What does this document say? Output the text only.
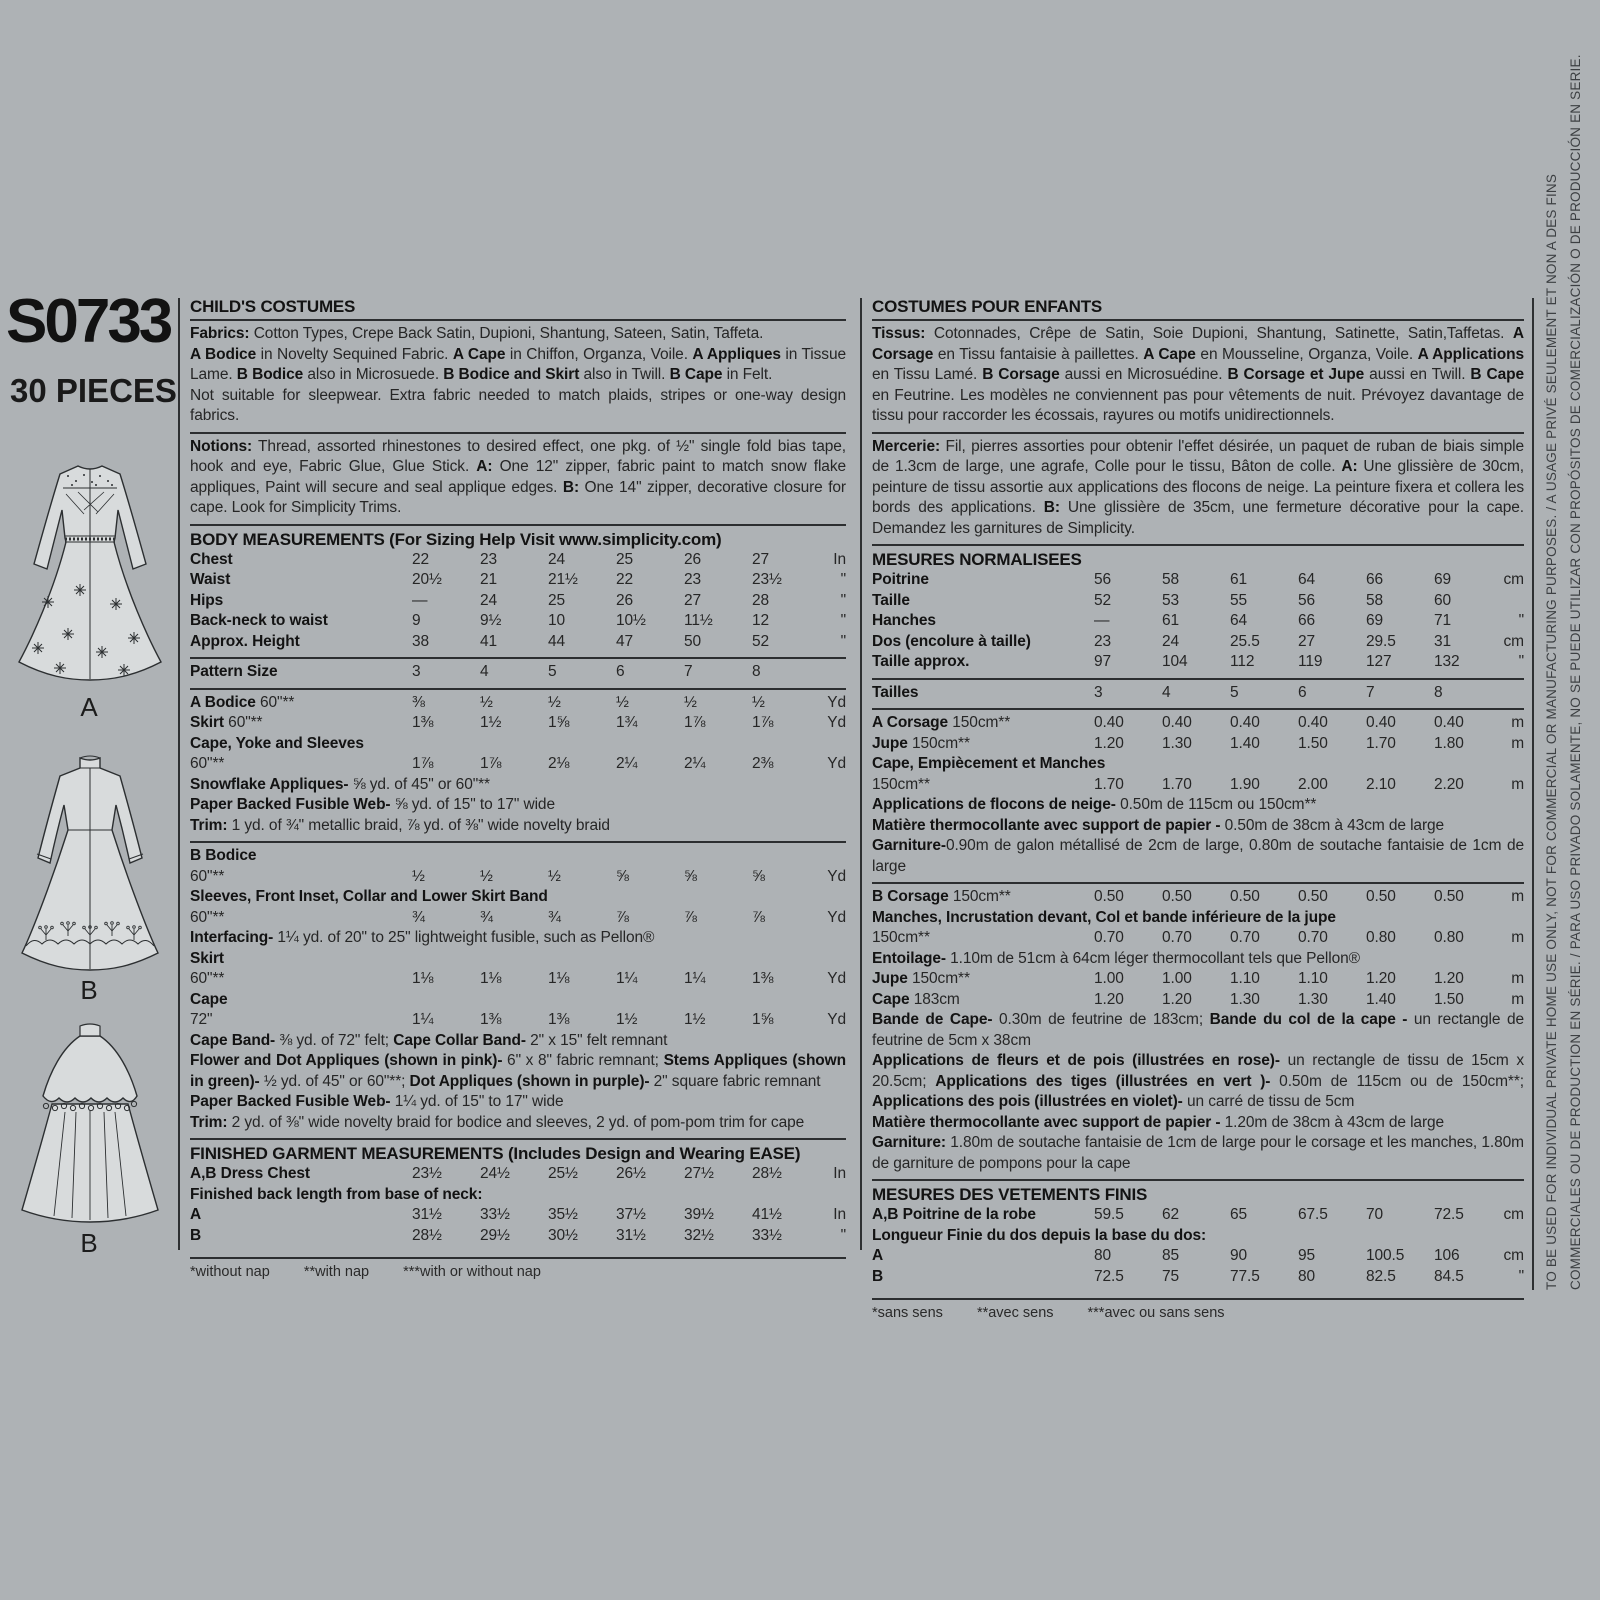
S0733
30 PIECES
A
B
B
CHILD'S COSTUMES
Fabrics: Cotton Types, Crepe Back Satin, Dupioni, Shantung, Sateen, Satin, Taffeta.
A Bodice in Novelty Sequined Fabric. A Cape in Chiffon, Organza, Voile. A Appliques in Tissue Lame. B Bodice also in Microsuede. B Bodice and Skirt also in Twill. B Cape in Felt.
Not suitable for sleepwear. Extra fabric needed to match plaids, stripes or one-way design fabrics.
Notions: Thread, assorted rhinestones to desired effect, one pkg. of ½" single fold bias tape, hook and eye, Fabric Glue, Glue Stick. A: One 12" zipper, fabric paint to match snow flake appliques, Paint will secure and seal applique edges. B: One 14" zipper, decorative closure for cape. Look for Simplicity Trims.
BODY MEASUREMENTS (For Sizing Help Visit www.simplicity.com)
Chest	22	23	24	25	26	27	In
Waist	20½	21	21½	22	23	23½	"
Hips	—	24	25	26	27	28	"
Back-neck to waist	9	9½	10	10½	11½	12	"
Approx. Height	38	41	44	47	50	52	"
Pattern Size	3	4	5	6	7	8
A Bodice 60"**	⅜	½	½	½	½	½	Yd
Skirt 60"**	1⅜	1½	1⅝	1¾	1⅞	1⅞	Yd
Cape, Yoke and Sleeves
60"**	1⅞	1⅞	2⅛	2¼	2¼	2⅜	Yd
Snowflake Appliques- ⅝ yd. of 45" or 60"**
Paper Backed Fusible Web- ⅝ yd. of 15" to 17" wide
Trim: 1 yd. of ¾" metallic braid, ⅞ yd. of ⅜" wide novelty braid
B Bodice
60"**	½	½	½	⅝	⅝	⅝	Yd
Sleeves, Front Inset, Collar and Lower Skirt Band
60"**	¾	¾	¾	⅞	⅞	⅞	Yd
Interfacing- 1¼ yd. of 20" to 25" lightweight fusible, such as Pellon®
Skirt
60"**	1⅛	1⅛	1⅛	1¼	1¼	1⅜	Yd
Cape
72"	1¼	1⅜	1⅜	1½	1½	1⅝	Yd
Cape Band- ⅜ yd. of 72" felt; Cape Collar Band- 2" x 15" felt remnant
Flower and Dot Appliques (shown in pink)- 6" x 8" fabric remnant; Stems Appliques (shown in green)- ½ yd. of 45" or 60"**; Dot Appliques (shown in purple)- 2" square fabric remnant
Paper Backed Fusible Web- 1¼ yd. of 15" to 17" wide
Trim: 2 yd. of ⅜" wide novelty braid for bodice and sleeves, 2 yd. of pom-pom trim for cape
FINISHED GARMENT MEASUREMENTS (Includes Design and Wearing EASE)
A,B Dress Chest	23½	24½	25½	26½	27½	28½	In
Finished back length from base of neck:
A	31½	33½	35½	37½	39½	41½	In
B	28½	29½	30½	31½	32½	33½	"
*without nap **with nap ***with or without nap
COSTUMES POUR ENFANTS
Tissus: Cotonnades, Crêpe de Satin, Soie Dupioni, Shantung, Satinette, Satin,Taffetas. A Corsage en Tissu fantaisie à paillettes. A Cape en Mousseline, Organza, Voile. A Applications en Tissu Lamé. B Corsage aussi en Microsuédine. B Corsage et Jupe aussi en Twill. B Cape en Feutrine. Les modèles ne conviennent pas pour vêtements de nuit. Prévoyez davantage de tissu pour raccorder les écossais, rayures ou motifs unidirectionnels.
Mercerie: Fil, pierres assorties pour obtenir l'effet désirée, un paquet de ruban de biais simple de 1.3cm de large, une agrafe, Colle pour le tissu, Bâton de colle. A: Une glissière de 30cm, peinture de tissu assortie aux applications des flocons de neige. La peinture fixera et collera les bords des applications. B: Une glissière de 35cm, une fermeture décorative pour la cape. Demandez les garnitures de Simplicity.
MESURES NORMALISEES
Poitrine	56	58	61	64	66	69	cm
Taille	52	53	55	56	58	60
Hanches	—	61	64	66	69	71	"
Dos (encolure à taille)	23	24	25.5	27	29.5	31	cm
Taille approx.	97	104	112	119	127	132	"
Tailles	3	4	5	6	7	8
A Corsage 150cm**	0.40	0.40	0.40	0.40	0.40	0.40	m
Jupe 150cm**	1.20	1.30	1.40	1.50	1.70	1.80	m
Cape, Empiècement et Manches
150cm**	1.70	1.70	1.90	2.00	2.10	2.20	m
Applications de flocons de neige- 0.50m de 115cm ou 150cm**
Matière thermocollante avec support de papier - 0.50m de 38cm à 43cm de large
Garniture-0.90m de galon métallisé de 2cm de large, 0.80m de soutache fantaisie de 1cm de large
B Corsage 150cm**	0.50	0.50	0.50	0.50	0.50	0.50	m
Manches, Incrustation devant, Col et bande inférieure de la jupe
150cm**	0.70	0.70	0.70	0.70	0.80	0.80	m
Entoilage- 1.10m de 51cm à 64cm léger thermocollant tels que Pellon®
Jupe 150cm**	1.00	1.00	1.10	1.10	1.20	1.20	m
Cape 183cm	1.20	1.20	1.30	1.30	1.40	1.50	m
Bande de Cape- 0.30m de feutrine de 183cm; Bande du col de la cape - un rectangle de feutrine de 5cm x 38cm
Applications de fleurs et de pois (illustrées en rose)- un rectangle de tissu de 15cm x 20.5cm; Applications des tiges (illustrées en vert )- 0.50m de 115cm ou de 150cm**; Applications des pois (illustrées en violet)- un carré de tissu de 5cm
Matière thermocollante avec support de papier - 1.20m de 38cm à 43cm de large
Garniture: 1.80m de soutache fantaisie de 1cm de large pour le corsage et les manches, 1.80m de garniture de pompons pour la cape
MESURES DES VETEMENTS FINIS
A,B Poitrine de la robe	59.5	62	65	67.5	70	72.5	cm
Longueur Finie du dos depuis la base du dos:
A	80	85	90	95	100.5	106	cm
B	72.5	75	77.5	80	82.5	84.5	"
*sans sens **avec sens ***avec ou sans sens
TO BE USED FOR INDIVIDUAL PRIVATE HOME USE ONLY, NOT FOR COMMERCIAL OR MANUFACTURING PURPOSES. / A USAGE PRIVÉ SEULEMENT ET NON A DES FINS COMMERCIALES OU DE PRODUCTION EN SÉRIE. / PARA USO PRIVADO SOLAMENTE, NO SE PUEDE UTILIZAR CON PROPÓSITOS DE COMERCIALIZACIÓN O DE PRODUCCIÓN EN SERIE.
